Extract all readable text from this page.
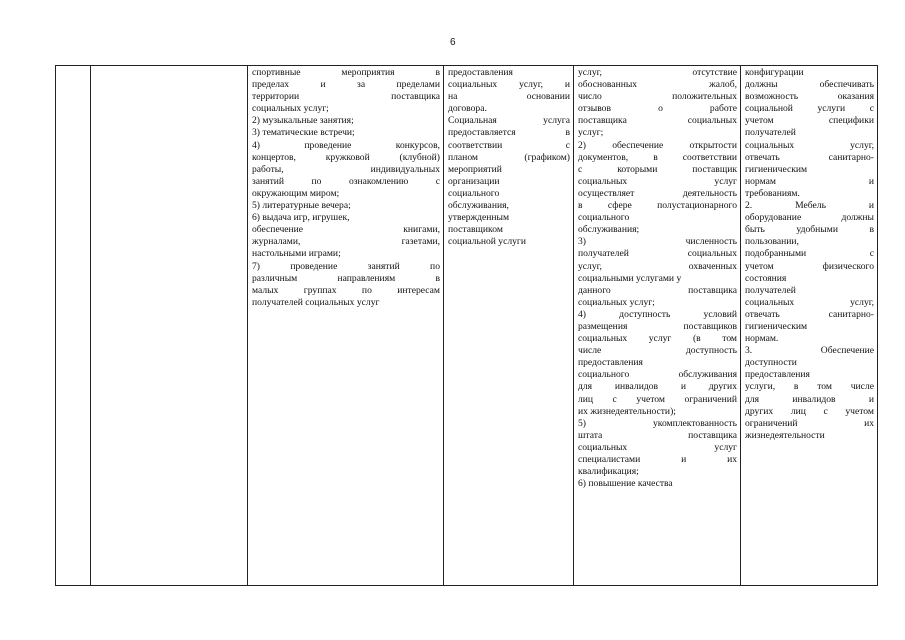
6

спортивные мероприятия в
пределах и за пределами
территории поставщика
социальных услуг;
2) музыкальные занятия;
3) тематические встречи;
4) проведение конкурсов,
концертов, кружковой (клубной)
работы, индивидуальных
занятий по ознакомлению с
окружающим миром;
5) литературные вечера;
6) выдача игр, игрушек,
обеспечение книгами,
журналами, газетами,
настольными играми;
7) проведение занятий по
различным направлениям в
малых группах по интересам
получателей социальных услуг

предоставления
социальных услуг, и
на основании
договора.
Социальная услуга
предоставляется в
соответствии с
планом (графиком)
мероприятий
организации
социального
обслуживания,
утвержденным
поставщиком
социальной услуги

услуг, отсутствие
обоснованных жалоб,
число положительных
отзывов о работе
поставщика социальных
услуг;
2) обеспечение открытости
документов, в соответствии
с которыми поставщик
социальных услуг
осуществляет деятельность
в сфере полустационарного
социального
обслуживания;
3) численность
получателей социальных
услуг, охваченных
социальными услугами у
данного поставщика
социальных услуг;
4) доступность условий
размещения поставщиков
социальных услуг (в том
числе доступность
предоставления
социального обслуживания
для инвалидов и других
лиц с учетом ограничений
их жизнедеятельности);
5) укомплектованность
штата поставщика
социальных услуг
специалистами и их
квалификация;
6) повышение качества

конфигурации
должны обеспечивать
возможность оказания
социальной услуги с
учетом специфики
получателей
социальных услуг,
отвечать санитарно-
гигиеническим
нормам и
требованиям.
2. Мебель и
оборудование должны
быть удобными в
пользовании,
подобранными с
учетом физического
состояния
получателей
социальных услуг,
отвечать санитарно-
гигиеническим
нормам.
3. Обеспечение
доступности
предоставления
услуги, в том числе
для инвалидов и
других лиц с учетом
ограничений их
жизнедеятельности
